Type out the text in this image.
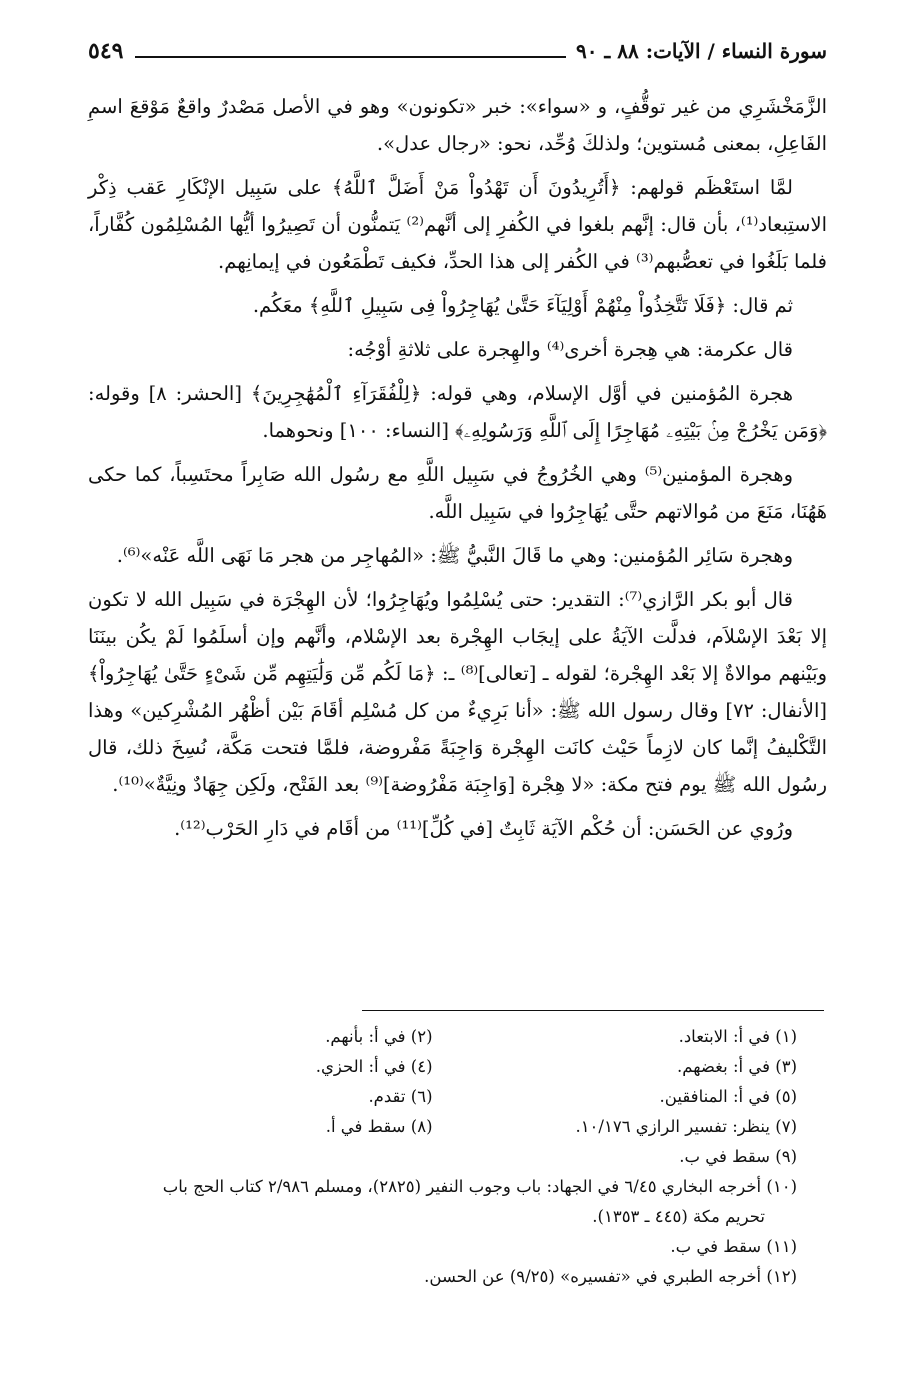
سورة النساء / الآيات: ٨٨ ـ ٩٠
٥٤٩

الزَّمَخْشَرِي من غير توقُّفٍ، و «سواء»: خبر «تكونون» وهو في الأصل مَصْدرٌ واقعٌ مَوْقعَ اسمِ الفَاعِلِ، بمعنى مُستوين؛ ولذلكَ وُحِّد، نحو: «رجال عدل».

لمَّا استَعْظَم قولهم: ﴿أَتُرِيدُونَ أَن تَهْدُواْ مَنْ أَضَلَّ ٱللَّهُ﴾ على سَبِيل الإنْكَارِ عَقب ذِكْر الاستِبعاد⁽¹⁾، بأن قال: إنَّهم بلغوا في الكُفرِ إلى أنَّهم⁽²⁾ يَتمنُّون أن تَصِيرُوا أيُّها المُسْلِمُون كُفَّاراً، فلما بَلَغُوا في تعصُّبهم⁽³⁾ في الكُفر إلى هذا الحدِّ، فكيف تَطْمَعُون في إيمانِهم.

ثم قال: ﴿فَلَا تَتَّخِذُواْ مِنْهُمْ أَوْلِيَآءَ حَتَّىٰ يُهَاجِرُواْ فِى سَبِيلِ ٱللَّهِ﴾ معَكُم.

قال عكرمة: هي هِجرة أخرى⁽⁴⁾ والهِجرة على ثلاثةِ أوْجُه:

هجرة المُؤمنين في أوَّل الإسلام، وهي قوله: ﴿لِلْفُقَرَآءِ ٱلْمُهَٰجِرِينَ﴾ [الحشر: ٨] وقوله: ﴿وَمَن يَخْرُجْ مِنۢ بَيْتِهِۦ مُهَاجِرًا إِلَى ٱللَّهِ وَرَسُولِهِۦ﴾ [النساء: ١٠٠] ونحوهما.

وهجرة المؤمنين⁽⁵⁾ وهي الخُرُوجُ في سَبِيل اللَّهِ مع رسُول الله صَابِراً محتَسِباً، كما حكى هَهُنَا، مَنَعَ من مُوالاتهم حتَّى يُهَاجِرُوا في سَبِيل اللَّه.

وهجرة سَائِر المُؤمنين: وهي ما قَالَ النَّبيُّ ﷺ: «المُهاجِر من هجر مَا نَهَى اللَّه عَنْه»⁽⁶⁾.

قال أبو بكر الرَّازي⁽⁷⁾: التقدير: حتى يُسْلِمُوا ويُهَاجِرُوا؛ لأن الهِجْرَة في سَبِيل الله لا تكون إلا بَعْدَ الإسْلاَم، فدلَّت الآيَةُ على إيجَاب الهِجْرة بعد الإسْلام، وأنَّهم وإن أسلَمُوا لَمْ يكُن بينَنَا وبَيْنهم موالاةٌ إلا بَعْد الهِجْرة؛ لقوله ـ [تعالى]⁽⁸⁾ ـ: ﴿مَا لَكُم مِّن وَلَٰيَتِهِم مِّن شَىْءٍ حَتَّىٰ يُهَاجِرُواْ﴾ [الأنفال: ٧٢] وقال رسول الله ﷺ: «أنا بَرِيءٌ من كل مُسْلِم أقَامَ بَيْن أظْهُر المُشْرِكين» وهذا التَّكْليفُ إنَّما كان لازِماً حَيْث كانَت الهِجْرة وَاجِبَةً مَفْروضة، فلمَّا فتحت مَكَّة، نُسِخَ ذلك، قال رسُول الله ﷺ يوم فتح مكة: «لا هِجْرة [وَاجِبَة مَفْرُوضة]⁽⁹⁾ بعد الفَتْح، ولَكِن جِهَادٌ ونِيَّةٌ»⁽¹⁰⁾.

ورُوي عن الحَسَن: أن حُكْم الآيَة ثَابِتٌ [في كُلِّ]⁽¹¹⁾ من أقَام في دَارِ الحَرْب⁽¹²⁾.

(١) في أ: الابتعاد.
(٢) في أ: بأنهم.
(٣) في أ: بغضهم.
(٤) في أ: الحزي.
(٥) في أ: المنافقين.
(٦) تقدم.
(٧) ينظر: تفسير الرازي ١٠/١٧٦.
(٨) سقط في أ.
(٩) سقط في ب.
(١٠) أخرجه البخاري ٦/٤٥ في الجهاد: باب وجوب النفير (٢٨٢٥)، ومسلم ٢/٩٨٦ كتاب الحج باب
تحريم مكة (٤٤٥ ـ ١٣٥٣).
(١١) سقط في ب.
(١٢) أخرجه الطبري في «تفسيره» (٩/٢٥) عن الحسن.
